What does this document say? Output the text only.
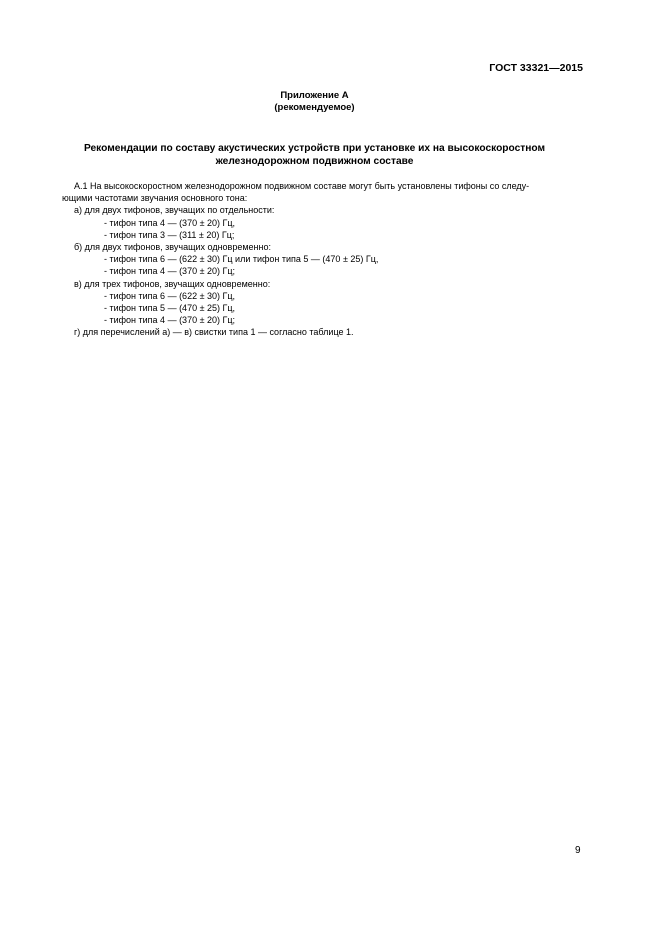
ГОСТ 33321—2015
Приложение А
(рекомендуемое)
Рекомендации по составу акустических устройств при установке их на высокоскоростном
железнодорожном подвижном составе
А.1 На высокоскоростном железнодорожном подвижном составе могут быть установлены тифоны со следу-
ющими частотами звучания основного тона:
а) для двух тифонов, звучащих по отдельности:
- тифон типа 4 — (370 ± 20) Гц,
- тифон типа 3 — (311 ± 20) Гц;
б) для двух тифонов, звучащих одновременно:
- тифон типа 6 — (622 ± 30) Гц или тифон типа 5 — (470 ± 25) Гц,
- тифон типа 4 — (370 ± 20) Гц;
в) для трех тифонов, звучащих одновременно:
- тифон типа 6 — (622 ± 30) Гц,
- тифон типа 5 — (470 ± 25) Гц,
- тифон типа 4 — (370 ± 20) Гц;
г) для перечислений а) — в) свистки типа 1 — согласно таблице 1.
9
